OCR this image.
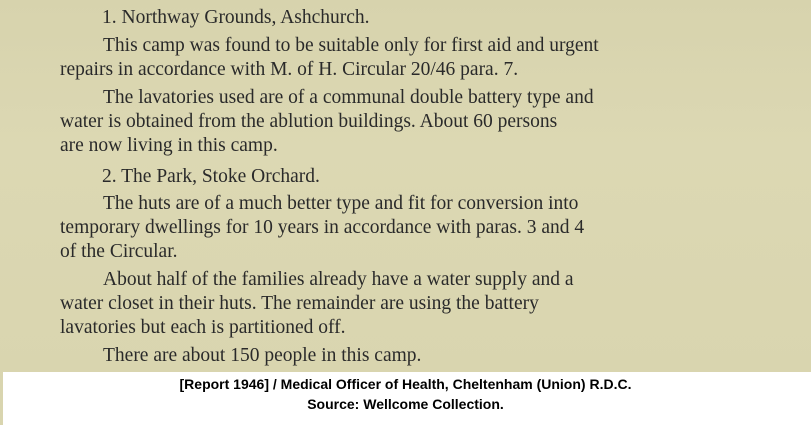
1. Northway Grounds, Ashchurch.
This camp was found to be suitable only for first aid and urgent
repairs in accordance with M. of H. Circular 20/46 para. 7.
The lavatories used are of a communal double battery type and
water is obtained from the ablution buildings. About 60 persons
are now living in this camp.
2. The Park, Stoke Orchard.
The huts are of a much better type and fit for conversion into
temporary dwellings for 10 years in accordance with paras. 3 and 4
of the Circular.
About half of the families already have a water supply and a
water closet in their huts. The remainder are using the battery
lavatories but each is partitioned off.
There are about 150 people in this camp.
[Report 1946] / Medical Officer of Health, Cheltenham (Union) R.D.C.
Source: Wellcome Collection.
